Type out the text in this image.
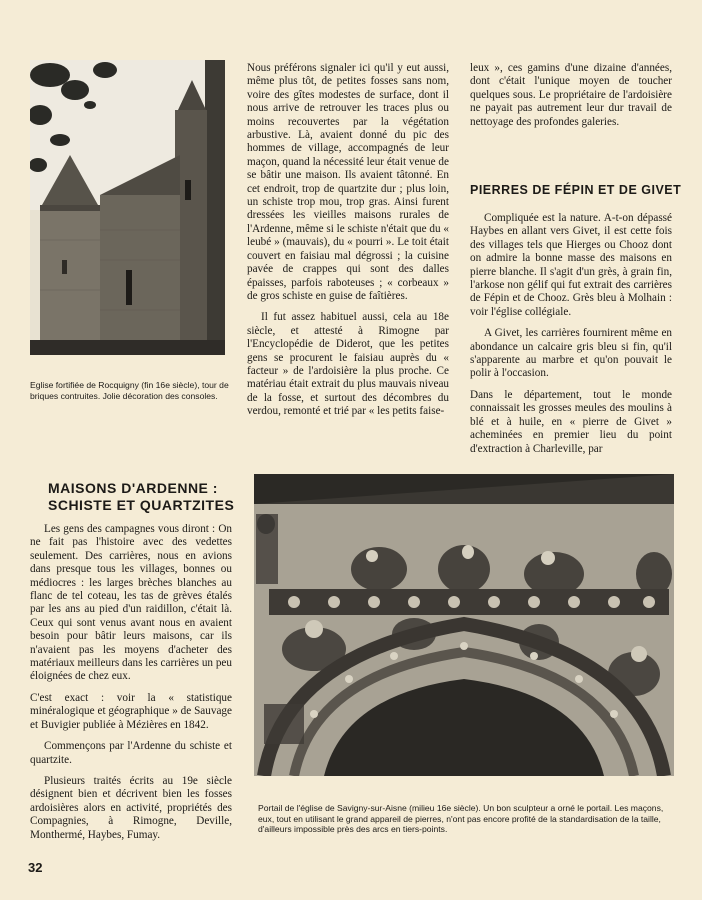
Eglise fortifiée de Rocquigny (fin 16e siècle), tour de briques contruites. Jolie décoration des consoles.

Nous préférons signaler ici qu'il y eut aussi, même plus tôt, de petites fosses sans nom, voire des gîtes modestes de surface, dont il nous arrive de retrouver les traces plus ou moins recouvertes par la végétation arbustive. Là, avaient donné du pic des hommes de village, accompagnés de leur maçon, quand la nécessité leur était venue de se bâtir une maison. Ils avaient tâtonné. En cet endroit, trop de quartzite dur ; plus loin, un schiste trop mou, trop gras. Ainsi furent dressées les vieilles maisons rurales de l'Ardenne, même si le schiste n'était que du « leubé » (mauvais), du « pourri ». Le toit était couvert en faisiau mal dégrossi ; la cuisine pavée de crappes qui sont des dalles épaisses, parfois raboteuses ; « corbeaux » de gros schiste en guise de faîtières.

Il fut assez habituel aussi, cela au 18e siècle, et attesté à Rimogne par l'Encyclopédie de Diderot, que les petites gens se procurent le faisiau auprès du « facteur » de l'ardoisière la plus proche. Ce matériau était extrait du plus mauvais niveau de la fosse, et surtout des décombres du verdou, remonté et trié par « les petits faise-

leux », ces gamins d'une dizaine d'années, dont c'était l'unique moyen de toucher quelques sous. Le propriétaire de l'ardoisière ne payait pas autrement leur dur travail de nettoyage des profondes galeries.

PIERRES DE FÉPIN ET DE GIVET

Compliquée est la nature. A-t-on dépassé Haybes en allant vers Givet, il est cette fois des villages tels que Hierges ou Chooz dont on admire la bonne masse des maisons en pierre blanche. Il s'agit d'un grès, à grain fin, l'arkose non gélif qui fut extrait des carrières de Fépin et de Chooz. Grès bleu à Molhain : voir l'église collégiale.

A Givet, les carrières fournirent même en abondance un calcaire gris bleu si fin, qu'il s'apparente au marbre et qu'on pouvait le polir à l'occasion.

Dans le département, tout le monde connaissait les grosses meules des moulins à blé et à huile, en « pierre de Givet » acheminées en premier lieu du point d'extraction à Charleville, par

MAISONS D'ARDENNE :
SCHISTE ET QUARTZITES

Les gens des campagnes vous diront : On ne fait pas l'histoire avec des vedettes seulement. Des carrières, nous en avions dans presque tous les villages, bonnes ou médiocres : les larges brèches blanches au flanc de tel coteau, les tas de grèves étalés par les ans au pied d'un raidillon, c'était là. Ceux qui sont venus avant nous en avaient besoin pour bâtir leurs maisons, car ils n'avaient pas les moyens d'acheter des matériaux meilleurs dans les carrières un peu éloignées de chez eux.

C'est exact : voir la « statistique minéralogique et géographique » de Sauvage et Buvigier publiée à Mézières en 1842.

Commençons par l'Ardenne du schiste et quartzite.

Plusieurs traités écrits au 19e siècle désignent bien et décrivent bien les fosses ardoisières alors en activité, propriétés des Compagnies, à Rimogne, Deville, Monthermé, Haybes, Fumay.

Portail de l'église de Savigny-sur-Aisne (milieu 16e siècle). Un bon sculpteur a orné le portail. Les maçons, eux, tout en utilisant le grand appareil de pierres, n'ont pas encore profité de la standardisation de la taille, d'ailleurs impossible près des arcs en tiers-points.
32
